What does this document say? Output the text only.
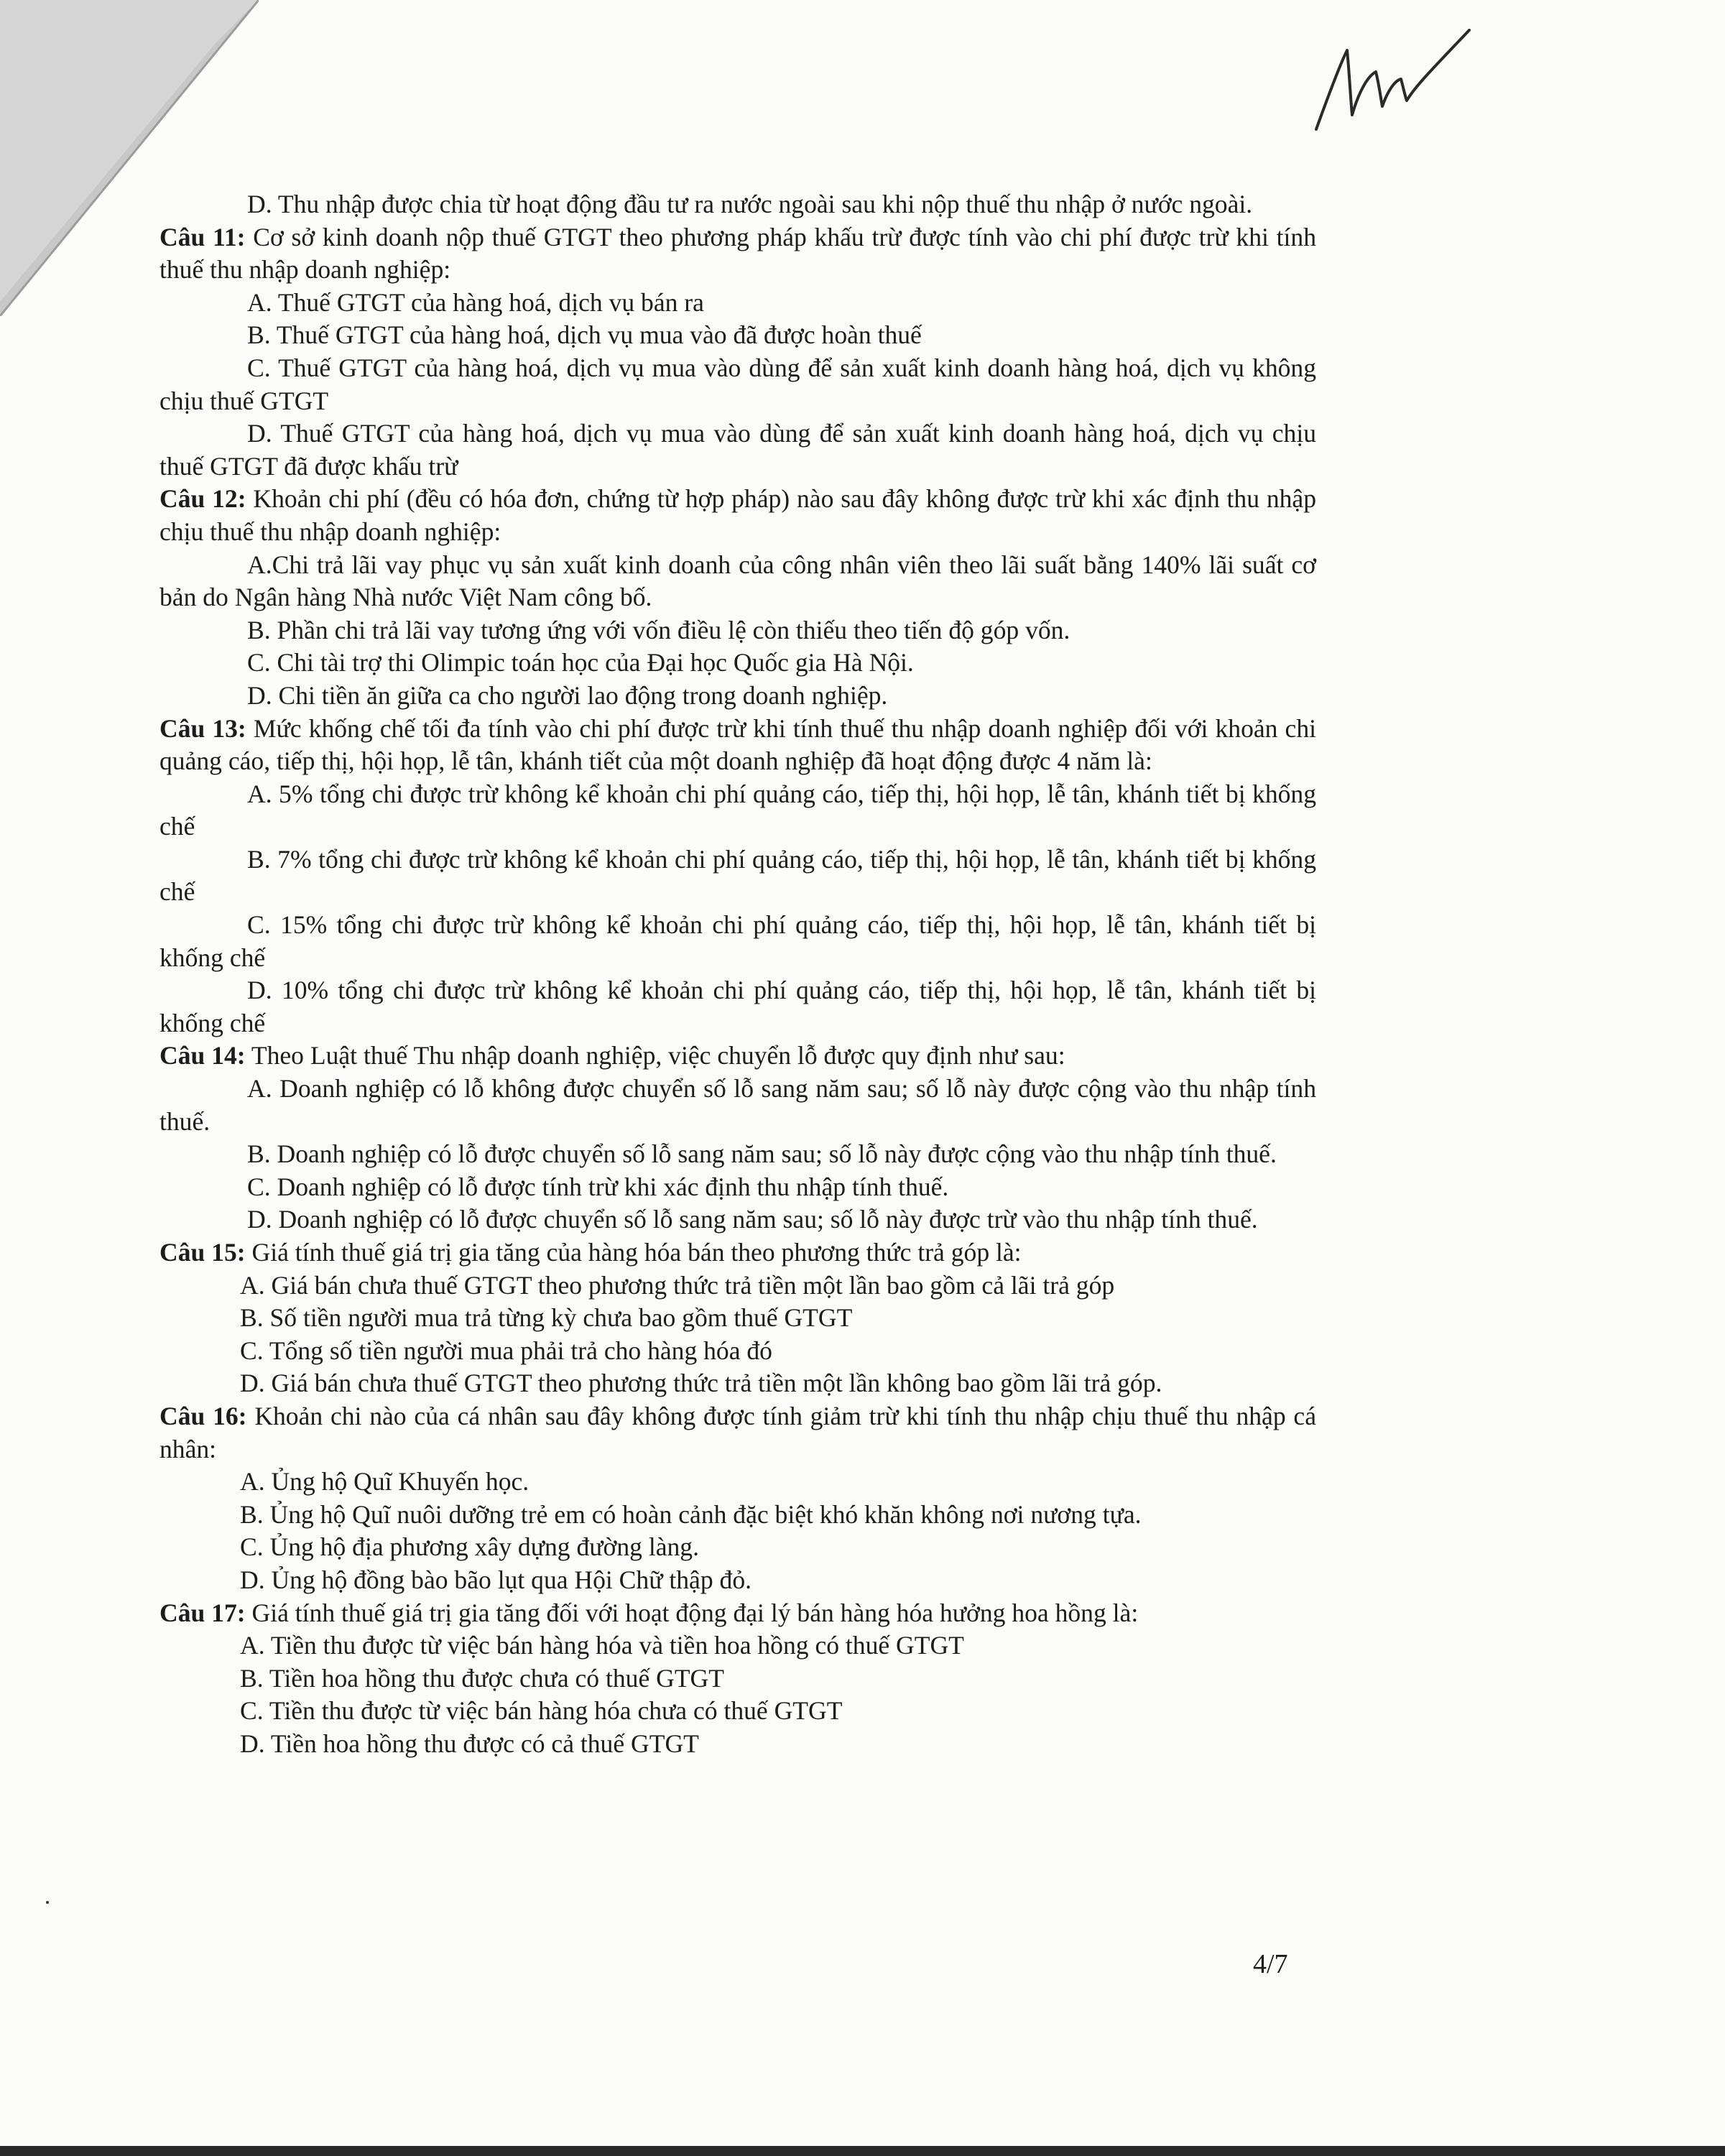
D. Thu nhập được chia từ hoạt động đầu tư ra nước ngoài sau khi nộp thuế thu nhập ở nước ngoài.

Câu 11: Cơ sở kinh doanh nộp thuế GTGT theo phương pháp khấu trừ được tính vào chi phí được trừ khi tính thuế thu nhập doanh nghiệp:

A. Thuế GTGT của hàng hoá, dịch vụ bán ra

B. Thuế GTGT của hàng hoá, dịch vụ mua vào đã được hoàn thuế

C. Thuế GTGT của hàng hoá, dịch vụ mua vào dùng để sản xuất kinh doanh hàng hoá, dịch vụ không chịu thuế GTGT

D. Thuế GTGT của hàng hoá, dịch vụ mua vào dùng để sản xuất kinh doanh hàng hoá, dịch vụ chịu thuế GTGT đã được khấu trừ

Câu 12: Khoản chi phí (đều có hóa đơn, chứng từ hợp pháp) nào sau đây không được trừ khi xác định thu nhập chịu thuế thu nhập doanh nghiệp:

A.Chi trả lãi vay phục vụ sản xuất kinh doanh của công nhân viên theo lãi suất bằng 140% lãi suất cơ bản do Ngân hàng Nhà nước Việt Nam công bố.

B. Phần chi trả lãi vay tương ứng với vốn điều lệ còn thiếu theo tiến độ góp vốn.

C. Chi tài trợ thi Olimpic toán học của Đại học Quốc gia Hà Nội.

D. Chi tiền ăn giữa ca cho người lao động trong doanh nghiệp.

Câu 13: Mức khống chế tối đa tính vào chi phí được trừ khi tính thuế thu nhập doanh nghiệp đối với khoản chi quảng cáo, tiếp thị, hội họp, lễ tân, khánh tiết của một doanh nghiệp đã hoạt động được 4 năm là:

A. 5% tổng chi được trừ không kể khoản chi phí quảng cáo, tiếp thị, hội họp, lễ tân, khánh tiết bị khống chế

B. 7% tổng chi được trừ không kể khoản chi phí quảng cáo, tiếp thị, hội họp, lễ tân, khánh tiết bị khống chế

C. 15% tổng chi được trừ không kể khoản chi phí quảng cáo, tiếp thị, hội họp, lễ tân, khánh tiết bị khống chế

D. 10% tổng chi được trừ không kể khoản chi phí quảng cáo, tiếp thị, hội họp, lễ tân, khánh tiết bị khống chế

Câu 14: Theo Luật thuế Thu nhập doanh nghiệp, việc chuyển lỗ được quy định như sau:

A. Doanh nghiệp có lỗ không được chuyển số lỗ sang năm sau; số lỗ này được cộng vào thu nhập tính thuế.

B. Doanh nghiệp có lỗ được chuyển số lỗ sang năm sau; số lỗ này được cộng vào thu nhập tính thuế.

C. Doanh nghiệp có lỗ được tính trừ khi xác định thu nhập tính thuế.

D. Doanh nghiệp có lỗ được chuyển số lỗ sang năm sau; số lỗ này được trừ vào thu nhập tính thuế.

Câu 15: Giá tính thuế giá trị gia tăng của hàng hóa bán theo phương thức trả góp là:

A. Giá bán chưa thuế GTGT theo phương thức trả tiền một lần bao gồm cả lãi trả góp

B. Số tiền người mua trả từng kỳ chưa bao gồm thuế GTGT

C. Tổng số tiền người mua phải trả cho hàng hóa đó

D. Giá bán chưa thuế GTGT theo phương thức trả tiền một lần không bao gồm lãi trả góp.

Câu 16: Khoản chi nào của cá nhân sau đây không được tính giảm trừ khi tính thu nhập chịu thuế thu nhập cá nhân:

A. Ủng hộ Quĩ Khuyến học.

B. Ủng hộ Quĩ nuôi dưỡng trẻ em có hoàn cảnh đặc biệt khó khăn không nơi nương tựa.

C. Ủng hộ địa phương xây dựng đường làng.

D. Ủng hộ đồng bào bão lụt qua Hội Chữ thập đỏ.

Câu 17: Giá tính thuế giá trị gia tăng đối với hoạt động đại lý bán hàng hóa hưởng hoa hồng là:

A. Tiền thu được từ việc bán hàng hóa và tiền hoa hồng có thuế GTGT

B. Tiền hoa hồng thu được chưa có thuế GTGT

C. Tiền thu được từ việc bán hàng hóa chưa có thuế GTGT

D. Tiền hoa hồng thu được có cả thuế GTGT

4/7
